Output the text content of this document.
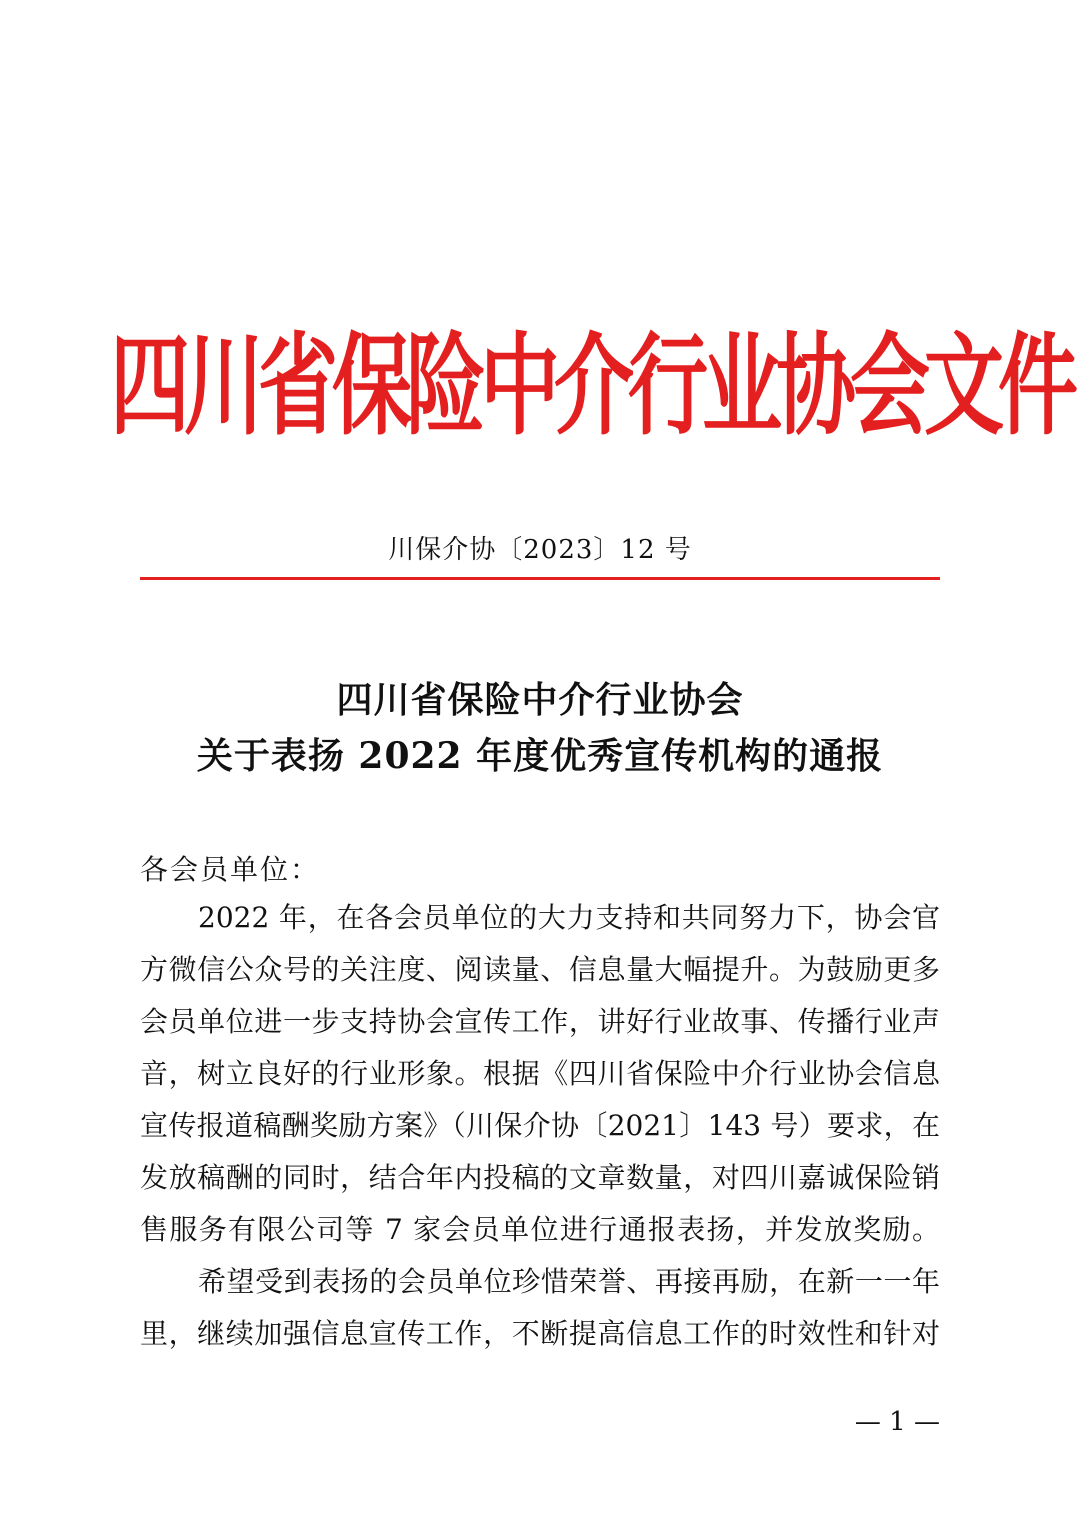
四川省保险中介行业协会文件
川保介协〔2023〕12 号
四川省保险中介行业协会
关于表扬 2022 年度优秀宣传机构的通报
各会员单位：
2022 年，在各会员单位的大力支持和共同努力下，协会官
方微信公众号的关注度、阅读量、信息量大幅提升。为鼓励更多
会员单位进一步支持协会宣传工作，讲好行业故事、传播行业声
音，树立良好的行业形象。根据《四川省保险中介行业协会信息
宣传报道稿酬奖励方案》（川保介协〔2021〕143 号）要求，在
发放稿酬的同时，结合年内投稿的文章数量，对四川嘉诚保险销
售服务有限公司等 7 家会员单位进行通报表扬，并发放奖励。
希望受到表扬的会员单位珍惜荣誉、再接再励，在新一一年
里，继续加强信息宣传工作，不断提高信息工作的时效性和针对
— 1 —
